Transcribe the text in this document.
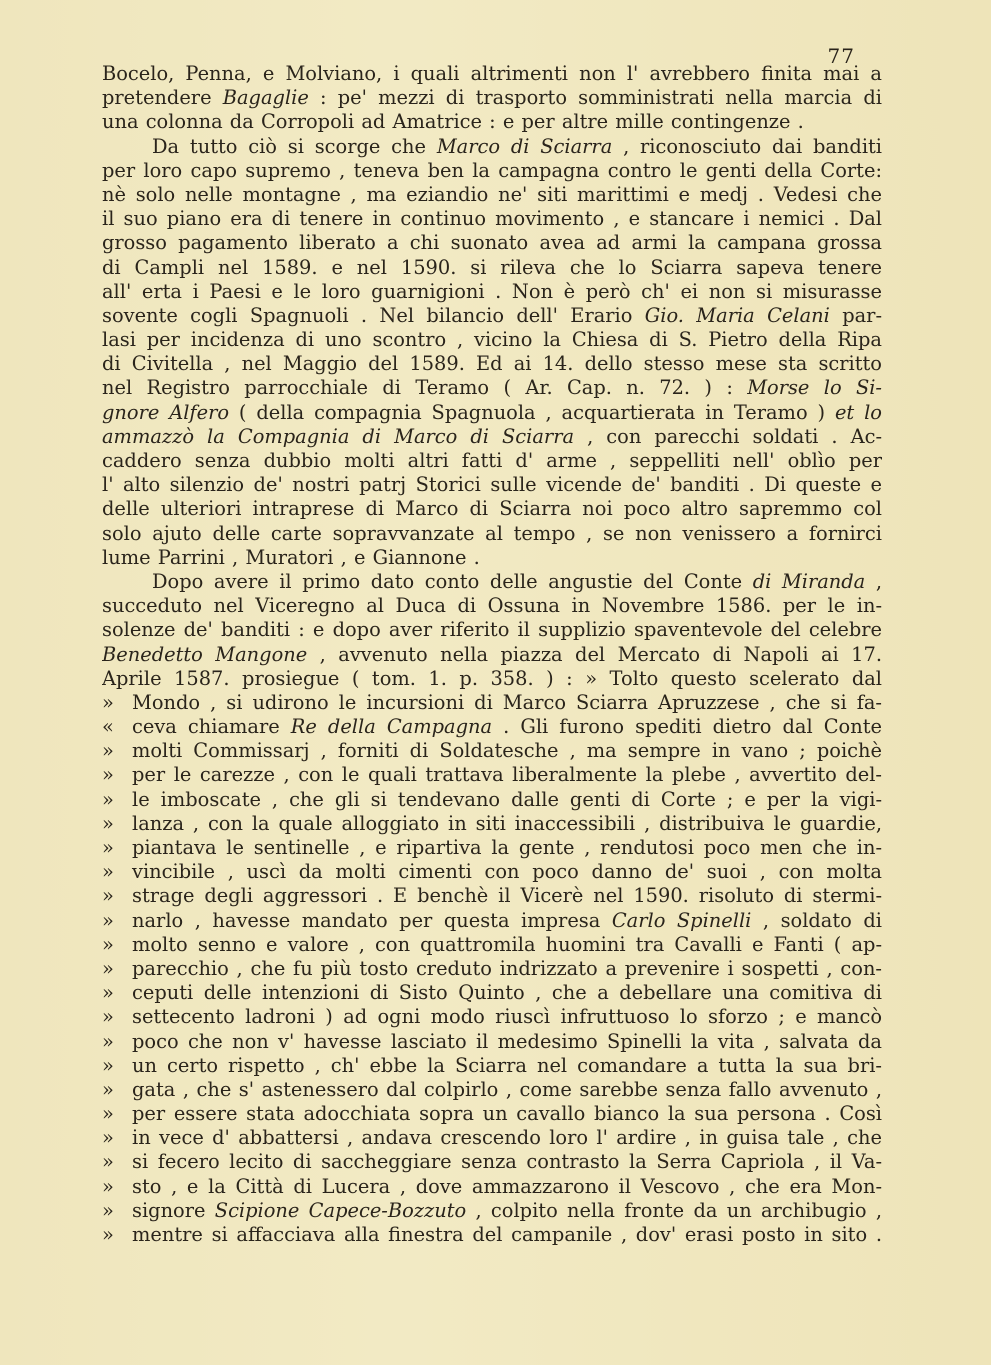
77
Bocelo, Penna, e Molviano, i quali altrimenti non l' avrebbero finita mai a
pretendere Bagaglie : pe' mezzi di trasporto somministrati nella marcia di
una colonna da Corropoli ad Amatrice : e per altre mille contingenze .
Da tutto ciò si scorge che Marco di Sciarra , riconosciuto dai banditi
per loro capo supremo , teneva ben la campagna contro le genti della Corte:
nè solo nelle montagne , ma eziandio ne' siti marittimi e medj . Vedesi che
il suo piano era di tenere in continuo movimento , e stancare i nemici . Dal
grosso pagamento liberato a chi suonato avea ad armi la campana grossa
di Campli nel 1589. e nel 1590. si rileva che lo Sciarra sapeva tenere
all' erta i Paesi e le loro guarnigioni . Non è però ch' ei non si misurasse
sovente cogli Spagnuoli . Nel bilancio dell' Erario Gio. Maria Celani par-
lasi per incidenza di uno scontro , vicino la Chiesa di S. Pietro della Ripa
di Civitella , nel Maggio del 1589. Ed ai 14. dello stesso mese sta scritto
nel Registro parrocchiale di Teramo ( Ar. Cap. n. 72. ) : Morse lo Si-
gnore Alfero ( della compagnia Spagnuola , acquartierata in Teramo ) et lo
ammazzò la Compagnia di Marco di Sciarra , con parecchi soldati . Ac-
caddero senza dubbio molti altri fatti d' arme , seppelliti nell' oblìo per
l' alto silenzio de' nostri patrj Storici sulle vicende de' banditi . Di queste e
delle ulteriori intraprese di Marco di Sciarra noi poco altro sapremmo col
solo ajuto delle carte sopravvanzate al tempo , se non venissero a fornirci
lume Parrini , Muratori , e Giannone .
Dopo avere il primo dato conto delle angustie del Conte di Miranda ,
succeduto nel Viceregno al Duca di Ossuna in Novembre 1586. per le in-
solenze de' banditi : e dopo aver riferito il supplizio spaventevole del celebre
Benedetto Mangone , avvenuto nella piazza del Mercato di Napoli ai 17.
Aprile 1587. prosiegue ( tom. 1. p. 358. ) : » Tolto questo scelerato dal
» Mondo , si udirono le incursioni di Marco Sciarra Apruzzese , che si fa-
« ceva chiamare Re della Campagna . Gli furono spediti dietro dal Conte
» molti Commissarj , forniti di Soldatesche , ma sempre in vano ; poichè
» per le carezze , con le quali trattava liberalmente la plebe , avvertito del-
» le imboscate , che gli si tendevano dalle genti di Corte ; e per la vigi-
» lanza , con la quale alloggiato in siti inaccessibili , distribuiva le guardie,
» piantava le sentinelle , e ripartiva la gente , rendutosi poco men che in-
» vincibile , uscì da molti cimenti con poco danno de' suoi , con molta
» strage degli aggressori . E benchè il Vicerè nel 1590. risoluto di stermi-
» narlo , havesse mandato per questa impresa Carlo Spinelli , soldato di
» molto senno e valore , con quattromila huomini tra Cavalli e Fanti ( ap-
» parecchio , che fu più tosto creduto indrizzato a prevenire i sospetti , con-
» ceputi delle intenzioni di Sisto Quinto , che a debellare una comitiva di
» settecento ladroni ) ad ogni modo riuscì infruttuoso lo sforzo ; e mancò
» poco che non v' havesse lasciato il medesimo Spinelli la vita , salvata da
» un certo rispetto , ch' ebbe la Sciarra nel comandare a tutta la sua bri-
» gata , che s' astenessero dal colpirlo , come sarebbe senza fallo avvenuto ,
» per essere stata adocchiata sopra un cavallo bianco la sua persona . Così
» in vece d' abbattersi , andava crescendo loro l' ardire , in guisa tale , che
» si fecero lecito di saccheggiare senza contrasto la Serra Capriola , il Va-
» sto , e la Città di Lucera , dove ammazzarono il Vescovo , che era Mon-
» signore Scipione Capece-Bozzuto , colpito nella fronte da un archibugio ,
» mentre si affacciava alla finestra del campanile , dov' erasi posto in sito .
